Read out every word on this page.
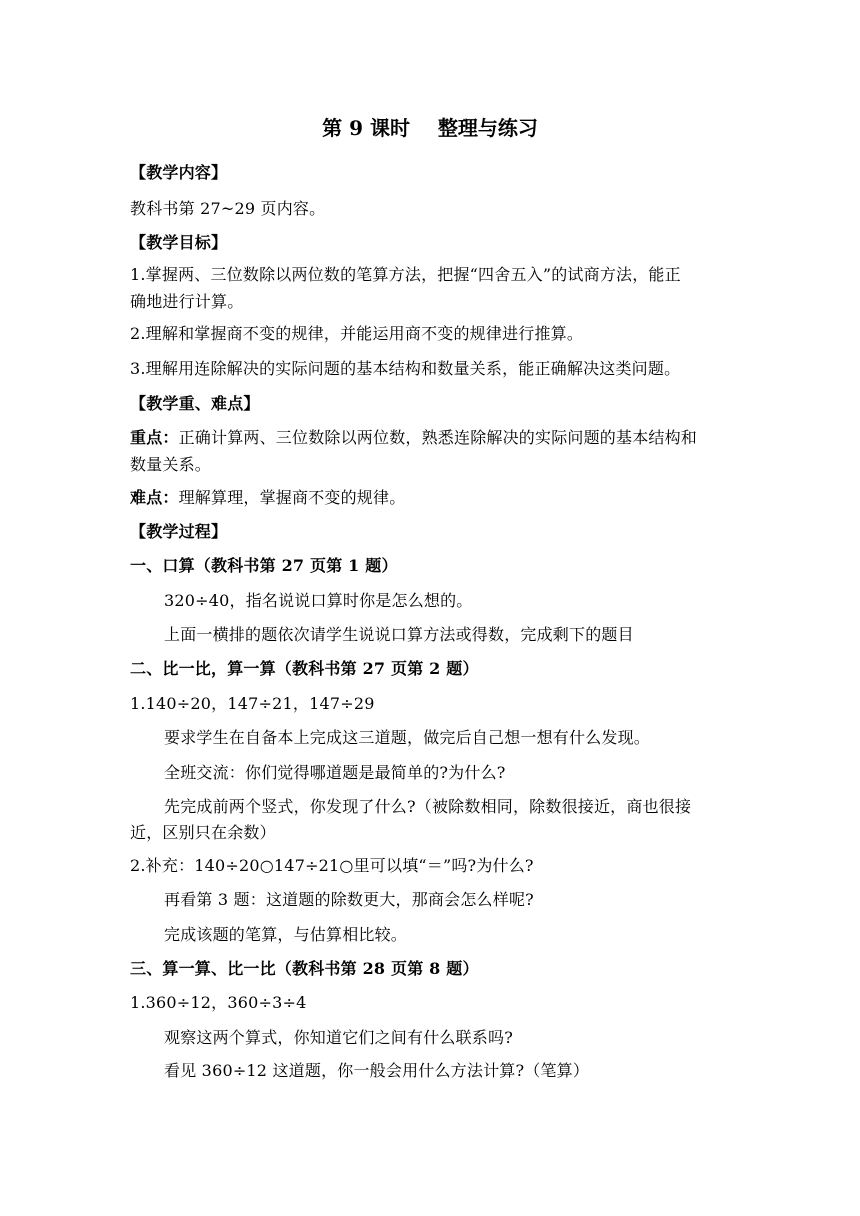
第 9 课时    整理与练习
【教学内容】
教科书第 27~29 页内容。
【教学目标】
1.掌握两、三位数除以两位数的笔算方法，把握“四舍五入”的试商方法，能正
确地进行计算。
2.理解和掌握商不变的规律，并能运用商不变的规律进行推算。
3.理解用连除解决的实际问题的基本结构和数量关系，能正确解决这类问题。
【教学重、难点】
重点：正确计算两、三位数除以两位数，熟悉连除解决的实际问题的基本结构和
数量关系。
难点：理解算理，掌握商不变的规律。
【教学过程】
一、口算（教科书第 27 页第 1 题）
320÷40，指名说说口算时你是怎么想的。
上面一横排的题依次请学生说说口算方法或得数，完成剩下的题目
二、比一比，算一算（教科书第 27 页第 2 题）
1.140÷20，147÷21，147÷29
要求学生在自备本上完成这三道题，做完后自己想一想有什么发现。
全班交流：你们觉得哪道题是最简单的?为什么?
先完成前两个竖式，你发现了什么?（被除数相同，除数很接近，商也很接
近，区别只在余数）
2.补充：140÷20○147÷21○里可以填“＝”吗?为什么?
再看第 3 题：这道题的除数更大，那商会怎么样呢?
完成该题的笔算，与估算相比较。
三、算一算、比一比（教科书第 28 页第 8 题）
1.360÷12，360÷3÷4
观察这两个算式，你知道它们之间有什么联系吗?
看见 360÷12 这道题，你一般会用什么方法计算?（笔算）
